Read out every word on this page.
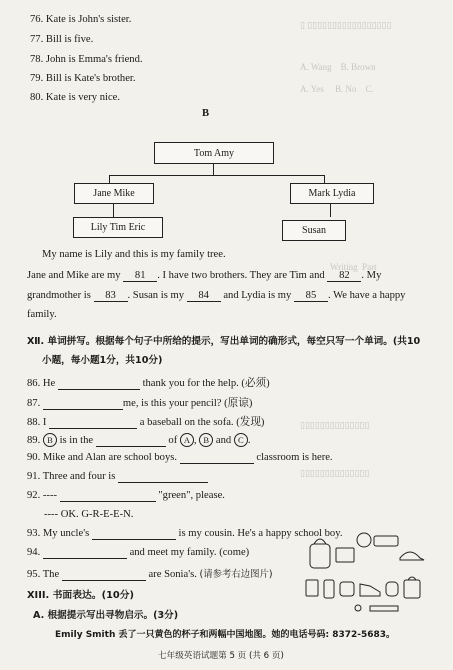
▯ ▯▯▯▯▯▯▯▯▯▯▯▯▯▯▯▯▯
A. Wang    B. Brown
A. Yes     B. No    C.
Writing  Part
▯▯▯▯▯▯▯▯▯▯▯▯▯▯
▯▯▯▯▯▯▯▯▯▯▯▯▯▯
76. Kate is John's sister.
77. Bill is five.
78. John is Emma's friend.
79. Bill is Kate's brother.
80. Kate is very nice.
B
Tom Amy
Jane Mike	Mark Lydia
Lily Tim Eric	Susan
My name is Lily and this is my family tree.
Jane and Mike are my 81 . I have two brothers. They are Tim and 82 . My
grandmother is 83 . Susan is my 84 and Lydia is my 85 . We have a happy
family.
Ⅻ. 单词拼写。根据每个句子中所给的提示，写出单词的确形式，每空只写一个单词。(共10
小题，每小题1分，共10分)
86. He	thank you for the help. (必须)
87.	me, is this your pencil? (原谅)
88. I	a baseball on the sofa. (发现)
89. B is in the	of A , B and C .
90. Mike and Alan are school boys.	classroom is here.
91. Three and four is
92. ----	"green", please.
---- OK. G-R-E-E-N.
93. My uncle's	is my cousin. He's a happy school boy.
94.	and meet my family. (come)
95. The	are Sonia's. (请参考右边图片)
XIII. 书面表达。(10分)
A. 根据提示写出寻物启示。(3分)
Emily Smith 丢了一只黄色的杯子和两幅中国地图。她的电话号码: 8372-5683。
七年级英语试题第 5 页 (共 6 页)
